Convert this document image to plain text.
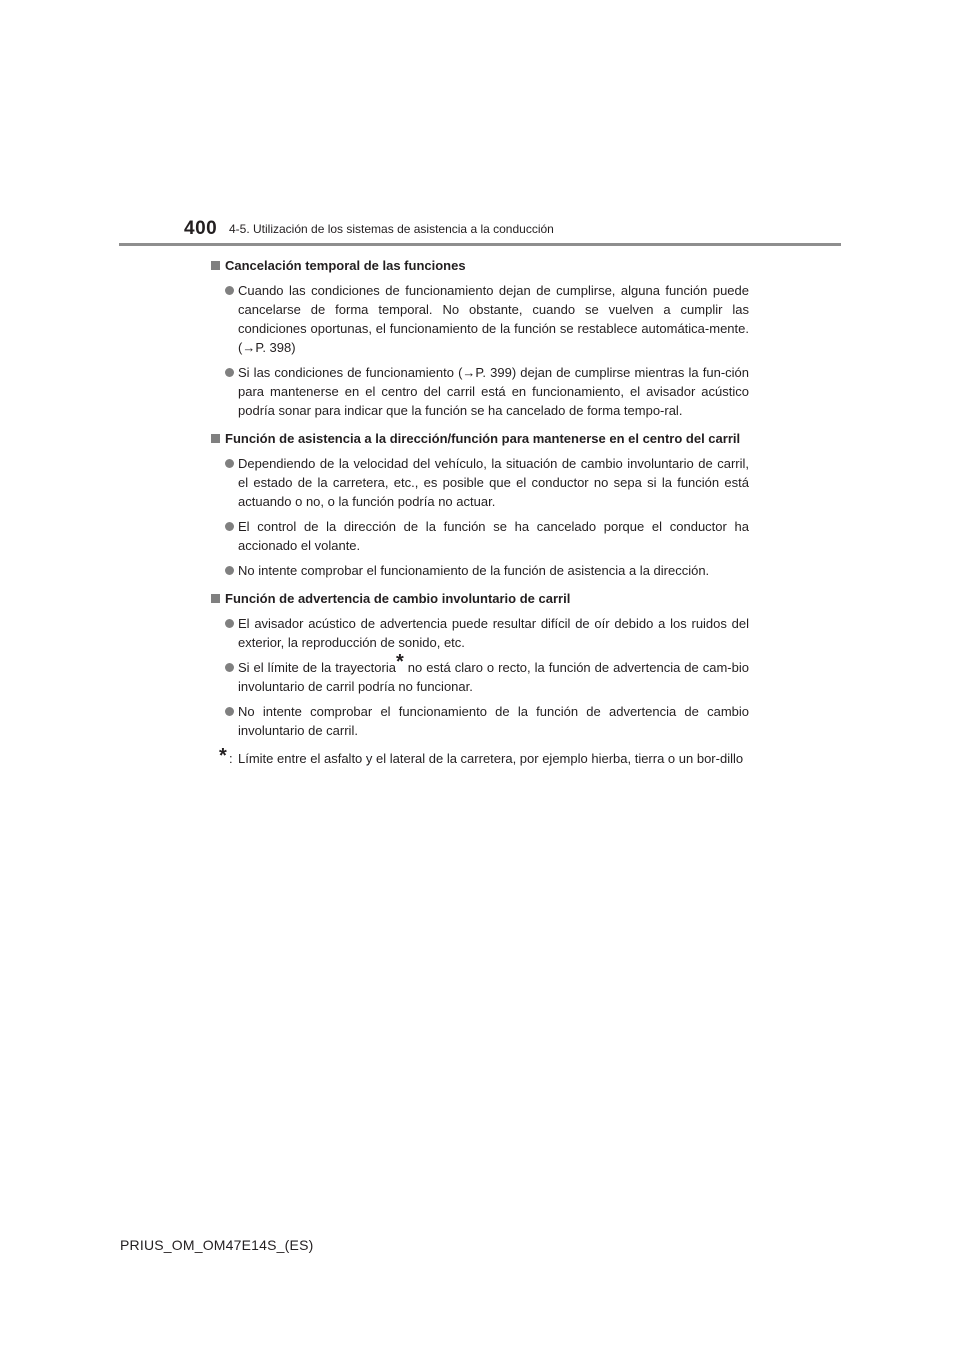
400 4-5. Utilización de los sistemas de asistencia a la conducción
Cancelación temporal de las funciones
Cuando las condiciones de funcionamiento dejan de cumplirse, alguna función puede cancelarse de forma temporal. No obstante, cuando se vuelven a cumplir las condiciones oportunas, el funcionamiento de la función se restablece automática-mente. (→P. 398)
Si las condiciones de funcionamiento (→P. 399) dejan de cumplirse mientras la fun-ción para mantenerse en el centro del carril está en funcionamiento, el avisador acústico podría sonar para indicar que la función se ha cancelado de forma tempo-ral.
Función de asistencia a la dirección/función para mantenerse en el centro del carril
Dependiendo de la velocidad del vehículo, la situación de cambio involuntario de carril, el estado de la carretera, etc., es posible que el conductor no sepa si la función está actuando o no, o la función podría no actuar.
El control de la dirección de la función se ha cancelado porque el conductor ha accionado el volante.
No intente comprobar el funcionamiento de la función de asistencia a la dirección.
Función de advertencia de cambio involuntario de carril
El avisador acústico de advertencia puede resultar difícil de oír debido a los ruidos del exterior, la reproducción de sonido, etc.
Si el límite de la trayectoria* no está claro o recto, la función de advertencia de cam-bio involuntario de carril podría no funcionar.
No intente comprobar el funcionamiento de la función de advertencia de cambio involuntario de carril.
* : Límite entre el asfalto y el lateral de la carretera, por ejemplo hierba, tierra o un bor-dillo
PRIUS_OM_OM47E14S_(ES)
